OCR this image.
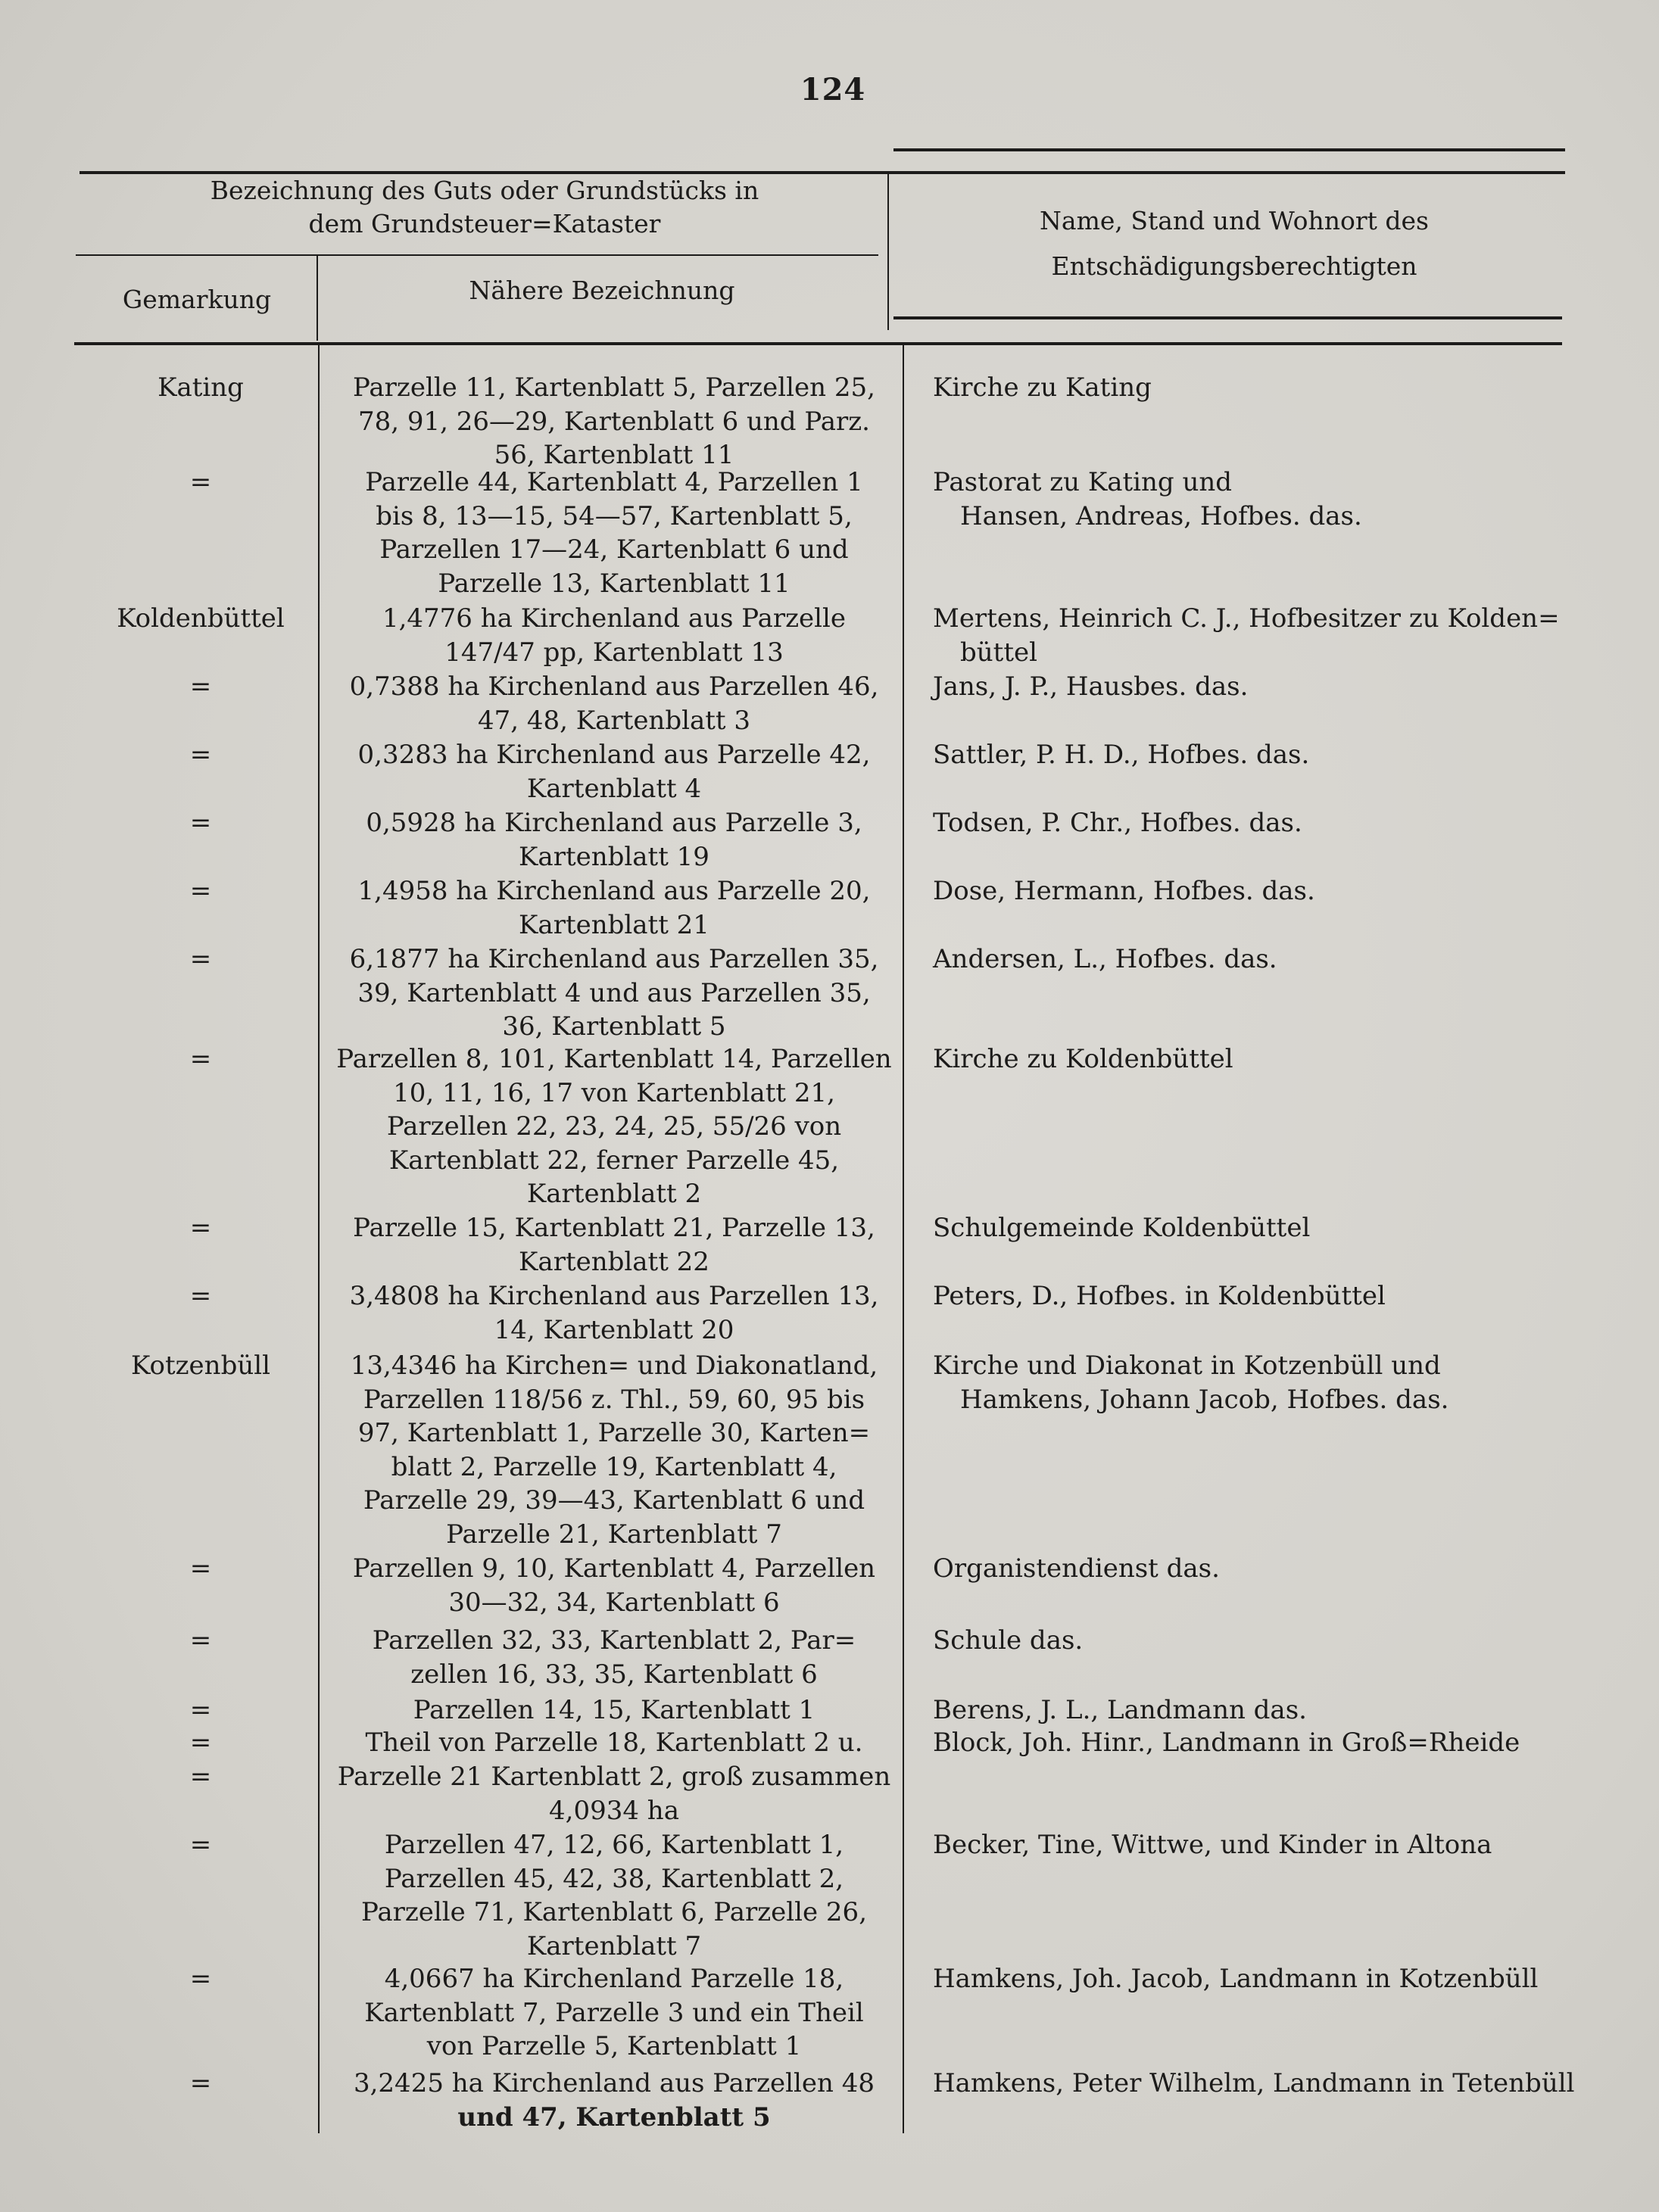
124
Bezeichnung des Guts oder Grundstücks in
dem Grundsteuer=Kataster
Gemarkung	Nähere Bezeichnung
Name, Stand und Wohnort des
Entschädigungsberechtigten
Kating	Parzelle 11, Kartenblatt 5, Parzellen 25,
78, 91, 26—29, Kartenblatt 6 und Parz.
56, Kartenblatt 11
Kirche zu Kating
=	Parzelle 44, Kartenblatt 4, Parzellen 1
bis 8, 13—15, 54—57, Kartenblatt 5,
Parzellen 17—24, Kartenblatt 6 und
Parzelle 13, Kartenblatt 11
Pastorat zu Kating und
Hansen, Andreas, Hofbes. das.
Koldenbüttel	1,4776 ha Kirchenland aus Parzelle
147/47 pp, Kartenblatt 13
Mertens, Heinrich C. J., Hofbesitzer zu Kolden=
büttel
=	0,7388 ha Kirchenland aus Parzellen 46,
47, 48, Kartenblatt 3
Jans, J. P., Hausbes. das.
=	0,3283 ha Kirchenland aus Parzelle 42,
Kartenblatt 4
Sattler, P. H. D., Hofbes. das.
=	0,5928 ha Kirchenland aus Parzelle 3,
Kartenblatt 19
Todsen, P. Chr., Hofbes. das.
=	1,4958 ha Kirchenland aus Parzelle 20,
Kartenblatt 21
Dose, Hermann, Hofbes. das.
=	6,1877 ha Kirchenland aus Parzellen 35,
39, Kartenblatt 4 und aus Parzellen 35,
36, Kartenblatt 5
Andersen, L., Hofbes. das.
=	Parzellen 8, 101, Kartenblatt 14, Parzellen
10, 11, 16, 17 von Kartenblatt 21,
Parzellen 22, 23, 24, 25, 55/26 von
Kartenblatt 22, ferner Parzelle 45,
Kartenblatt 2
Kirche zu Koldenbüttel
=	Parzelle 15, Kartenblatt 21, Parzelle 13,
Kartenblatt 22
Schulgemeinde Koldenbüttel
=	3,4808 ha Kirchenland aus Parzellen 13,
14, Kartenblatt 20
Peters, D., Hofbes. in Koldenbüttel
Kotzenbüll	13,4346 ha Kirchen= und Diakonatland,
Parzellen 118/56 z. Thl., 59, 60, 95 bis
97, Kartenblatt 1, Parzelle 30, Karten=
blatt 2, Parzelle 19, Kartenblatt 4,
Parzelle 29, 39—43, Kartenblatt 6 und
Parzelle 21, Kartenblatt 7
Kirche und Diakonat in Kotzenbüll und
Hamkens, Johann Jacob, Hofbes. das.
=	Parzellen 9, 10, Kartenblatt 4, Parzellen
30—32, 34, Kartenblatt 6
Organistendienst das.
=	Parzellen 32, 33, Kartenblatt 2, Par=
zellen 16, 33, 35, Kartenblatt 6
Schule das.
=	Parzellen 14, 15, Kartenblatt 1	Berens, J. L., Landmann das.
=	Theil von Parzelle 18, Kartenblatt 2 u.	Block, Joh. Hinr., Landmann in Groß=Rheide
=	Parzelle 21 Kartenblatt 2, groß zusammen
4,0934 ha
=	Parzellen 47, 12, 66, Kartenblatt 1,
Parzellen 45, 42, 38, Kartenblatt 2,
Parzelle 71, Kartenblatt 6, Parzelle 26,
Kartenblatt 7
Becker, Tine, Wittwe, und Kinder in Altona
=	4,0667 ha Kirchenland Parzelle 18,
Kartenblatt 7, Parzelle 3 und ein Theil
von Parzelle 5, Kartenblatt 1
Hamkens, Joh. Jacob, Landmann in Kotzenbüll
=	3,2425 ha Kirchenland aus Parzellen 48
und 47, Kartenblatt 5
Hamkens, Peter Wilhelm, Landmann in Tetenbüll
